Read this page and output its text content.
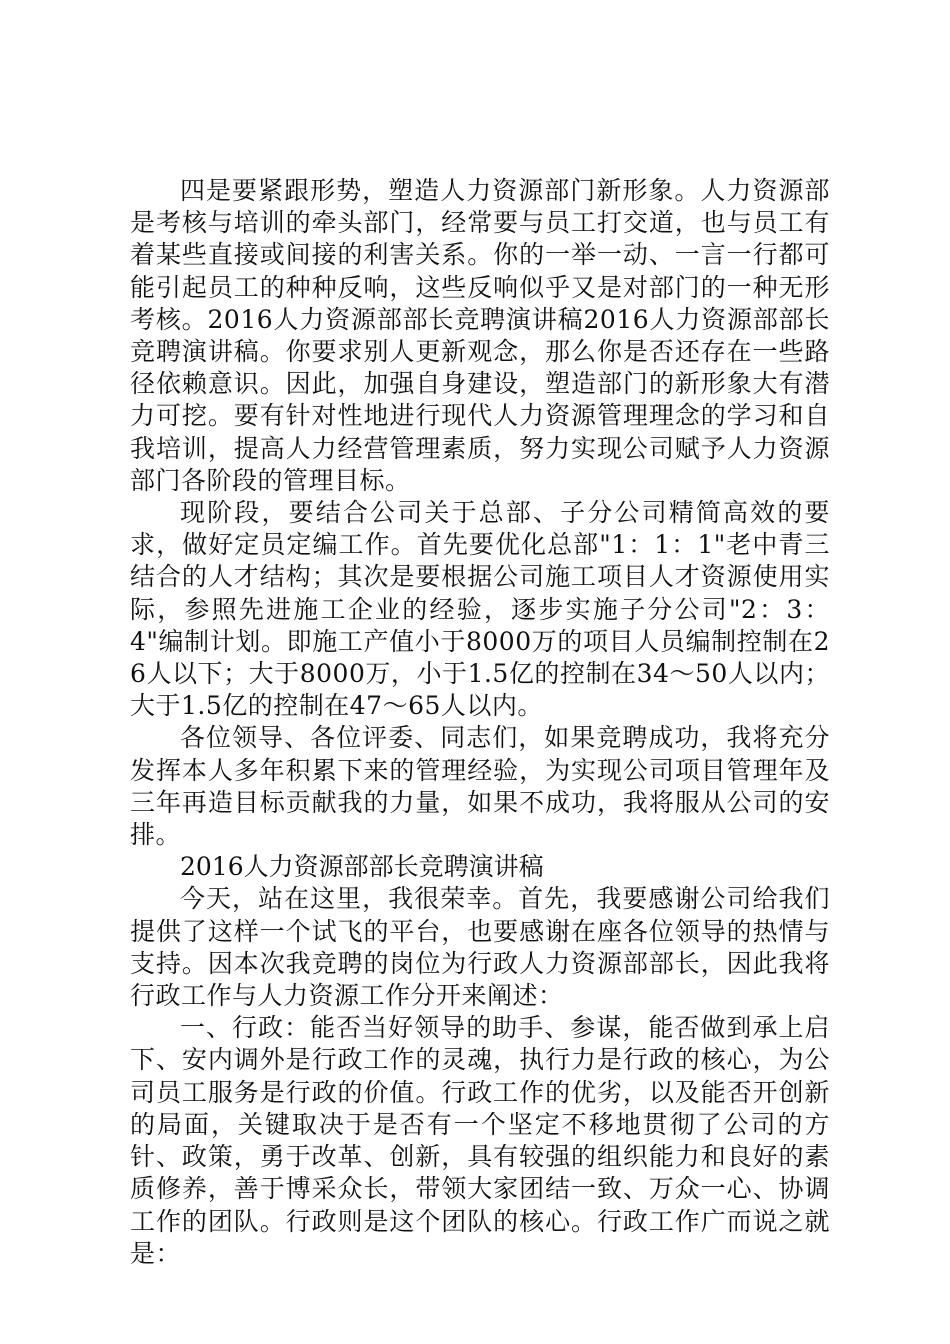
四是要紧跟形势，塑造人力资源部门新形象。人力资源部是考核与培训的牵头部门，经常要与员工打交道，也与员工有着某些直接或间接的利害关系。你的一举一动、一言一行都可能引起员工的种种反响，这些反响似乎又是对部门的一种无形考核。2016人力资源部部长竞聘演讲稿2016人力资源部部长竞聘演讲稿。你要求别人更新观念，那么你是否还存在一些路径依赖意识。因此，加强自身建设，塑造部门的新形象大有潜力可挖。要有针对性地进行现代人力资源管理理念的学习和自我培训，提高人力经营管理素质，努力实现公司赋予人力资源部门各阶段的管理目标。

现阶段，要结合公司关于总部、子分公司精简高效的要求，做好定员定编工作。首先要优化总部"1：1：1"老中青三结合的人才结构；其次是要根据公司施工项目人才资源使用实际，参照先进施工企业的经验，逐步实施子分公司"2：3：4"编制计划。即施工产值小于8000万的项目人员编制控制在26人以下；大于8000万，小于1.5亿的控制在34～50人以内；大于1.5亿的控制在47～65人以内。

各位领导、各位评委、同志们，如果竞聘成功，我将充分发挥本人多年积累下来的管理经验，为实现公司项目管理年及三年再造目标贡献我的力量，如果不成功，我将服从公司的安排。

2016人力资源部部长竞聘演讲稿

今天，站在这里，我很荣幸。首先，我要感谢公司给我们提供了这样一个试飞的平台，也要感谢在座各位领导的热情与支持。因本次我竞聘的岗位为行政人力资源部部长，因此我将行政工作与人力资源工作分开来阐述：

一、行政：能否当好领导的助手、参谋，能否做到承上启下、安内调外是行政工作的灵魂，执行力是行政的核心，为公司员工服务是行政的价值。行政工作的优劣，以及能否开创新的局面，关键取决于是否有一个坚定不移地贯彻了公司的方针、政策，勇于改革、创新，具有较强的组织能力和良好的素质修养，善于博采众长，带领大家团结一致、万众一心、协调工作的团队。行政则是这个团队的核心。行政工作广而说之就是：
